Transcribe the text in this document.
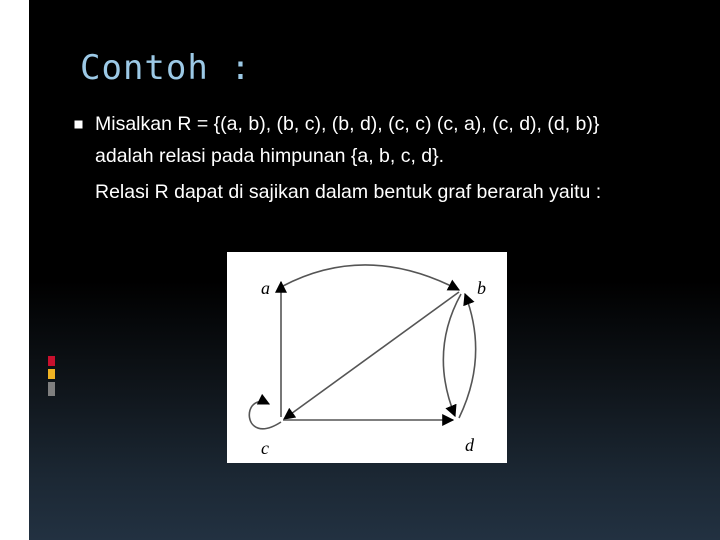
Contoh :
Misalkan R = {(a, b), (b, c), (b, d), (c, c) (c, a), (c, d), (d, b)}
adalah relasi pada himpunan {a, b, c, d}.
Relasi R dapat di sajikan dalam bentuk graf berarah yaitu :
a	b
c	d
